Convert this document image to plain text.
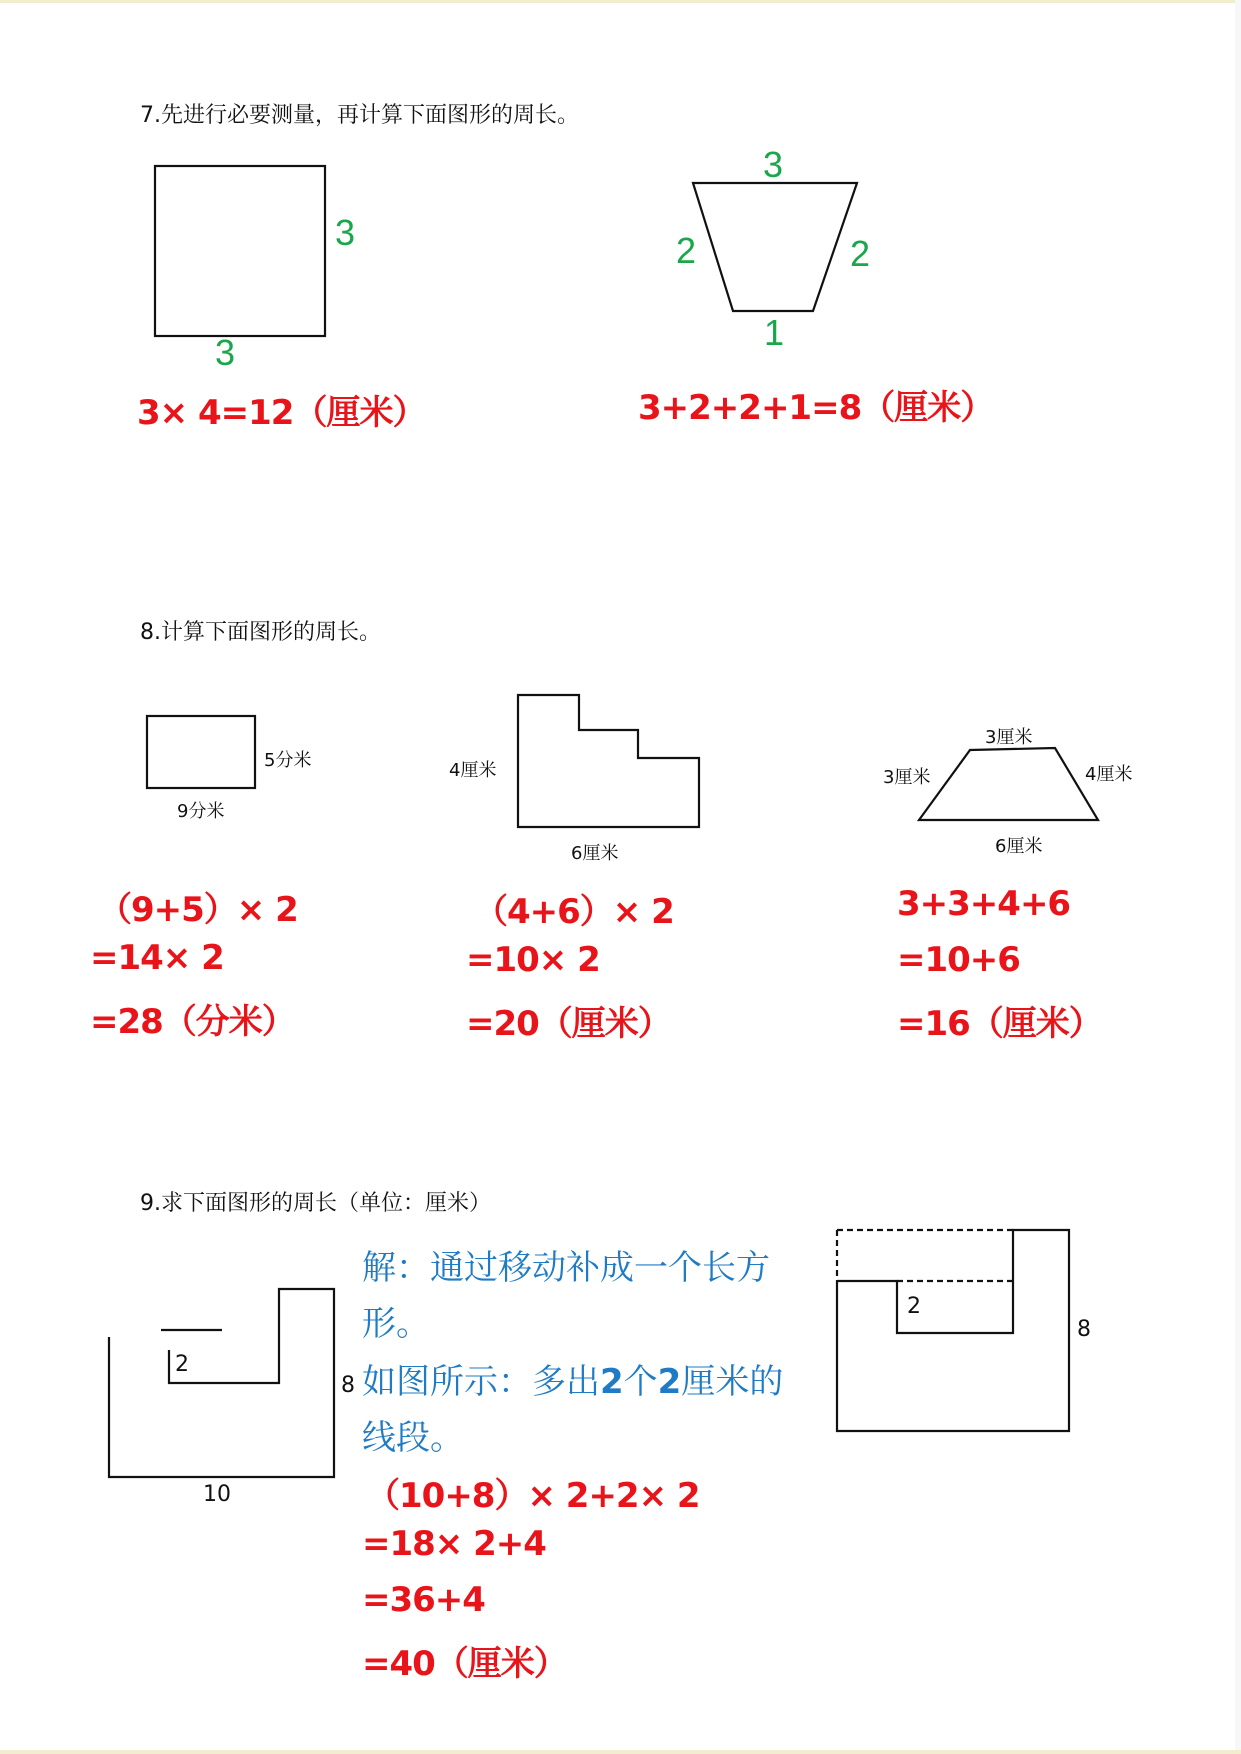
7.先进行必要测量，再计算下面图形的周长。
3
3
3× 4=12（厘米）
3
2	2
1
3+2+2+1=8（厘米）
8.计算下面图形的周长。
5分米
9分米
（9+5）× 2
=14× 2
=28（分米）
4厘米
6厘米
（4+6）× 2
=10× 2
=20（厘米）
3厘米
3厘米	4厘米
6厘米
3+3+4+6
=10+6
=16（厘米）
9.求下面图形的周长（单位：厘米）
2
8
10
解：通过移动补成一个长方
形。
如图所示：多出2个2厘米的
线段。
（10+8）× 2+2× 2
=18× 2+4
=36+4
=40（厘米）
2
8
